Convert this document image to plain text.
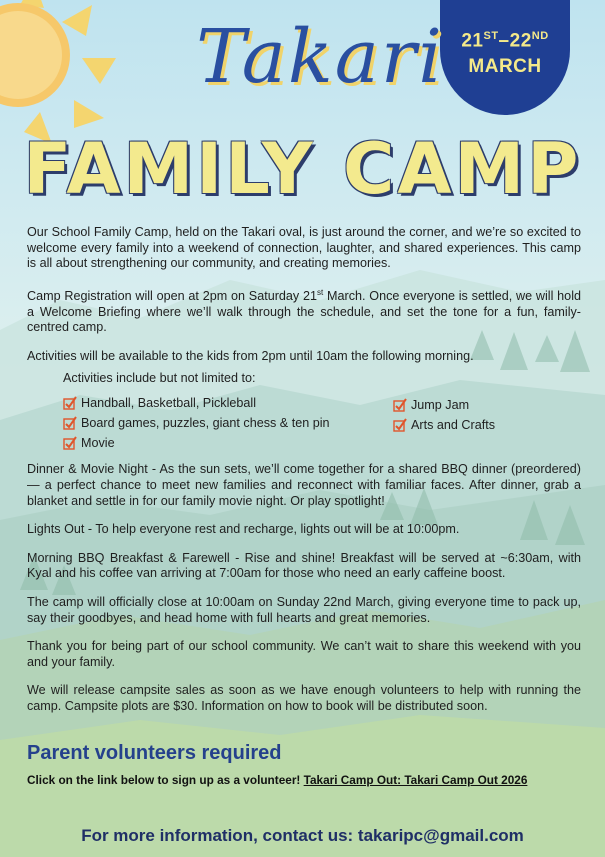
21ST–22ND
MARCH
Takari
FAMILY CAMP

Our School Family Camp, held on the Takari oval, is just around the corner, and we’re so excited to welcome every family into a weekend of connection, laughter, and shared experiences. This camp is all about strengthening our community, and creating memories.

Camp Registration will open at 2pm on Saturday 21st March. Once everyone is settled, we will hold a Welcome Briefing where we’ll walk through the schedule, and set the tone for a fun, family-centred camp.

Activities will be available to the kids from 2pm until 10am the following morning.

Activities include but not limited to:
Handball, Basketball, Pickleball
Board games, puzzles, giant chess & ten pin
Movie
Jump Jam
Arts and Crafts

Dinner & Movie Night - As the sun sets, we’ll come together for a shared BBQ dinner (preordered) — a perfect chance to meet new families and reconnect with familiar faces. After dinner, grab a blanket and settle in for our family movie night. Or play spotlight!

Lights Out - To help everyone rest and recharge, lights out will be at 10:00pm.

Morning BBQ Breakfast & Farewell - Rise and shine! Breakfast will be served at ~6:30am, with Kyal and his coffee van arriving at 7:00am for those who need an early caffeine boost.

The camp will officially close at 10:00am on Sunday 22nd March, giving everyone time to pack up, say their goodbyes, and head home with full hearts and great memories.

Thank you for being part of our school community. We can’t wait to share this weekend with you and your family.

We will release campsite sales as soon as we have enough volunteers to help with running the camp. Campsite plots are $30. Information on how to book will be distributed soon.

Parent volunteers required
Click on the link below to sign up as a volunteer! Takari Camp Out: Takari Camp Out 2026
For more information, contact us: takaripc@gmail.com
